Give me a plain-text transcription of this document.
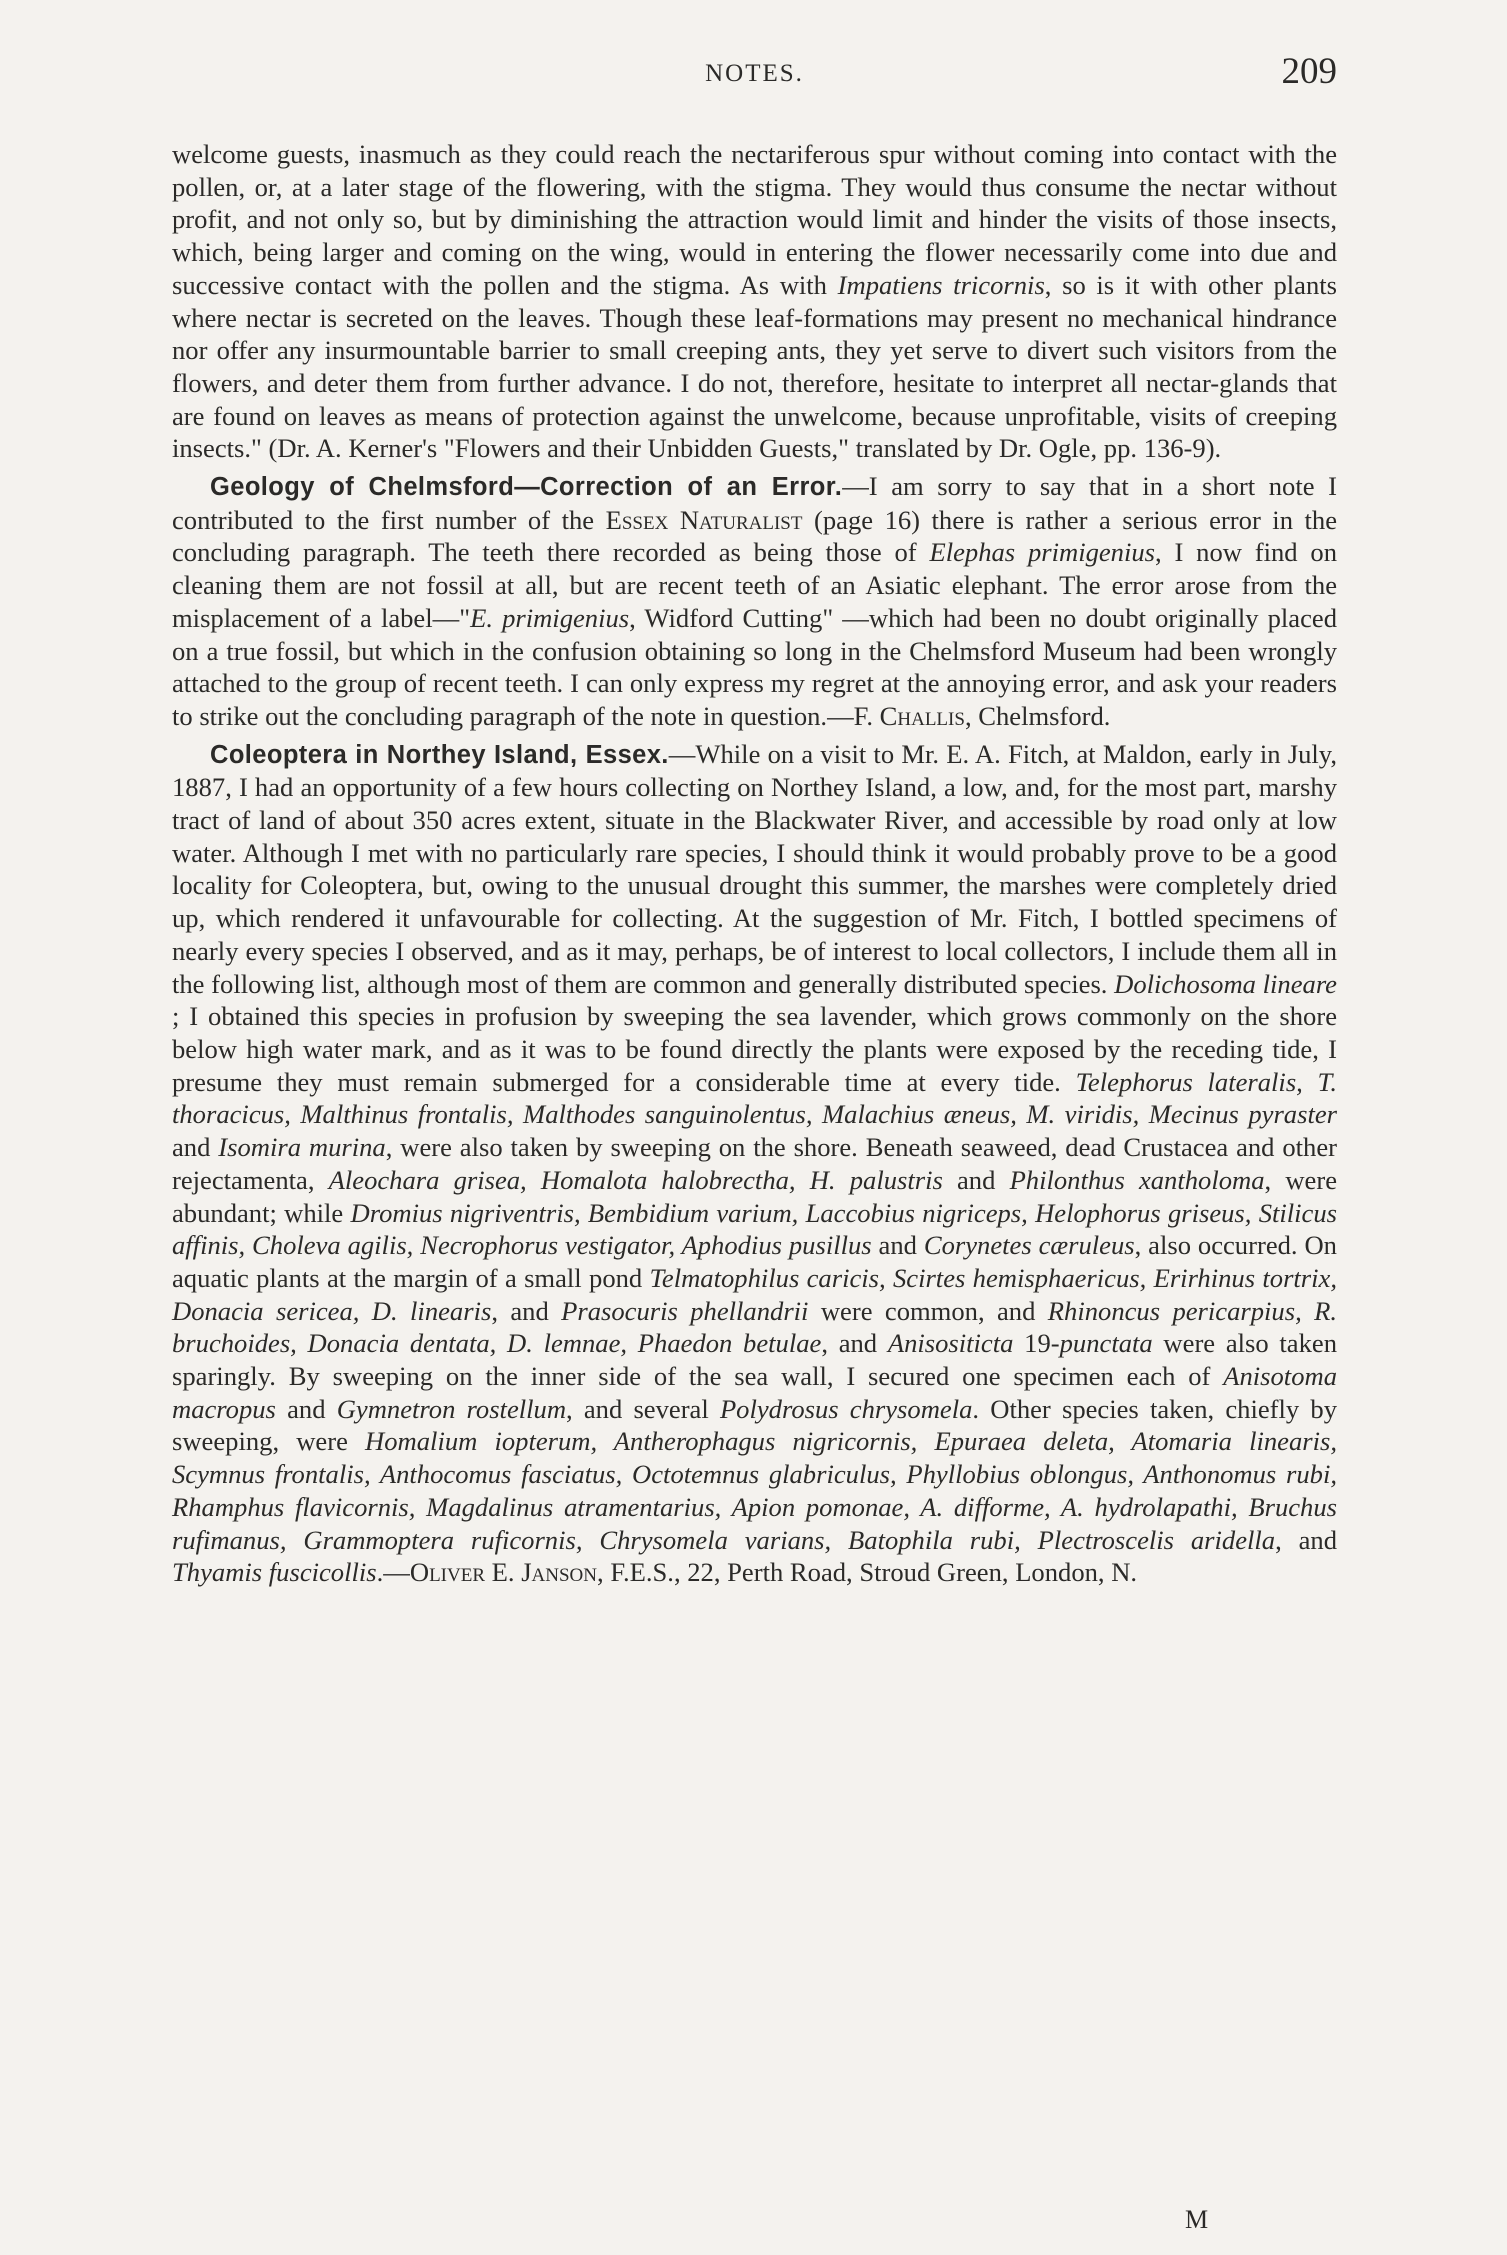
NOTES.	209

welcome guests, inasmuch as they could reach the nectariferous spur without coming into contact with the pollen, or, at a later stage of the flowering, with the stigma. They would thus consume the nectar without profit, and not only so, but by diminishing the attraction would limit and hinder the visits of those insects, which, being larger and coming on the wing, would in entering the flower necessarily come into due and successive contact with the pollen and the stigma. As with Impatiens tricornis, so is it with other plants where nectar is secreted on the leaves. Though these leaf-formations may present no mechanical hindrance nor offer any insurmountable barrier to small creeping ants, they yet serve to divert such visitors from the flowers, and deter them from further advance. I do not, therefore, hesitate to interpret all nectar-glands that are found on leaves as means of protection against the unwelcome, because unprofitable, visits of creeping insects." (Dr. A. Kerner's "Flowers and their Unbidden Guests," translated by Dr. Ogle, pp. 136-9).

Geology of Chelmsford—Correction of an Error.—I am sorry to say that in a short note I contributed to the first number of the Essex Naturalist (page 16) there is rather a serious error in the concluding paragraph. The teeth there recorded as being those of Elephas primigenius, I now find on cleaning them are not fossil at all, but are recent teeth of an Asiatic elephant. The error arose from the misplacement of a label—"E. primigenius, Widford Cutting" —which had been no doubt originally placed on a true fossil, but which in the confusion obtaining so long in the Chelmsford Museum had been wrongly attached to the group of recent teeth. I can only express my regret at the annoying error, and ask your readers to strike out the concluding paragraph of the note in question.—F. Challis, Chelmsford.

Coleoptera in Northey Island, Essex.—While on a visit to Mr. E. A. Fitch, at Maldon, early in July, 1887, I had an opportunity of a few hours collecting on Northey Island, a low, and, for the most part, marshy tract of land of about 350 acres extent, situate in the Blackwater River, and accessible by road only at low water. Although I met with no particularly rare species, I should think it would probably prove to be a good locality for Coleoptera, but, owing to the unusual drought this summer, the marshes were completely dried up, which rendered it unfavourable for collecting. At the suggestion of Mr. Fitch, I bottled specimens of nearly every species I observed, and as it may, perhaps, be of interest to local collectors, I include them all in the following list, although most of them are common and generally distributed species. Dolichosoma lineare ; I obtained this species in profusion by sweeping the sea lavender, which grows commonly on the shore below high water mark, and as it was to be found directly the plants were exposed by the receding tide, I presume they must remain submerged for a considerable time at every tide. Telephorus lateralis, T. thoracicus, Malthinus frontalis, Malthodes sanguinolentus, Malachius æneus, M. viridis, Mecinus pyraster and Isomira murina, were also taken by sweeping on the shore. Beneath seaweed, dead Crustacea and other rejectamenta, Aleochara grisea, Homalota halobrectha, H. palustris and Philonthus xantholoma, were abundant; while Dromius nigriventris, Bembidium varium, Laccobius nigriceps, Helophorus griseus, Stilicus affinis, Choleva agilis, Necrophorus vestigator, Aphodius pusillus and Corynetes cæruleus, also occurred. On aquatic plants at the margin of a small pond Telmatophilus caricis, Scirtes hemisphaericus, Erirhinus tortrix, Donacia sericea, D. linearis, and Prasocuris phellandrii were common, and Rhinoncus pericarpius, R. bruchoides, Donacia dentata, D. lemnae, Phaedon betulae, and Anisositicta 19-punctata were also taken sparingly. By sweeping on the inner side of the sea wall, I secured one specimen each of Anisotoma macropus and Gymnetron rostellum, and several Polydrosus chrysomela. Other species taken, chiefly by sweeping, were Homalium iopterum, Antherophagus nigricornis, Epuraea deleta, Atomaria linearis, Scymnus frontalis, Anthocomus fasciatus, Octotemnus glabriculus, Phyllobius oblongus, Anthonomus rubi, Rhamphus flavicornis, Magdalinus atramentarius, Apion pomonae, A. difforme, A. hydrolapathi, Bruchus rufimanus, Grammoptera ruficornis, Chrysomela varians, Batophila rubi, Plectroscelis aridella, and Thyamis fuscicollis.—Oliver E. Janson, F.E.S., 22, Perth Road, Stroud Green, London, N.

M
